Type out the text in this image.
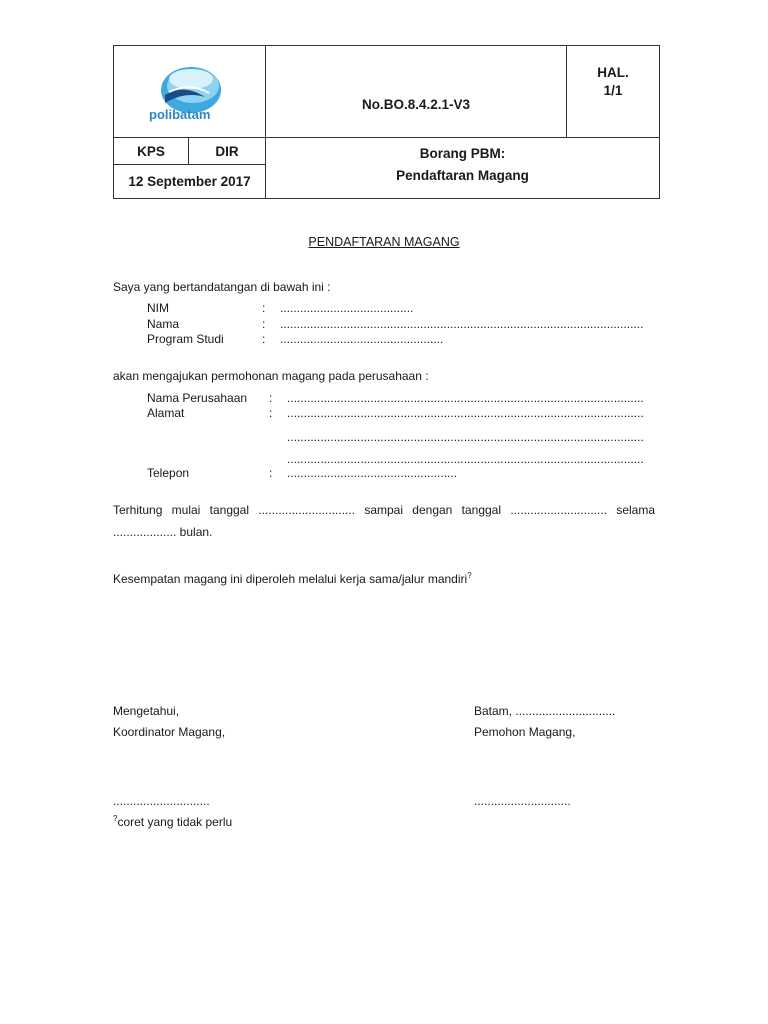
polibatam		No.BO.8.4.2.1-V3	HAL.
1/1

KPS	DIR	Borang PBM:
Pendaftaran Magang	

12 September 2017			
PENDAFTARAN MAGANG
Saya yang bertandatangan di bawah ini :
NIM	: ........................................
Nama	: .............................................................................................................
Program Studi	: .................................................
akan mengajukan permohonan magang pada perusahaan :
Nama Perusahaan : ...........................................................................................................
Alamat	: ...........................................................................................................
...........................................................................................................
...........................................................................................................
Telepon	: ...................................................
Terhitung mulai tanggal ............................. sampai dengan tanggal ............................. selama
................... bulan.
Kesempatan magang ini diperoleh melalui kerja sama/jalur mandiri?
Mengetahui,
Koordinator Magang,
Batam, ..............................
Pemohon Magang,
.............................	.............................
?coret yang tidak perlu
